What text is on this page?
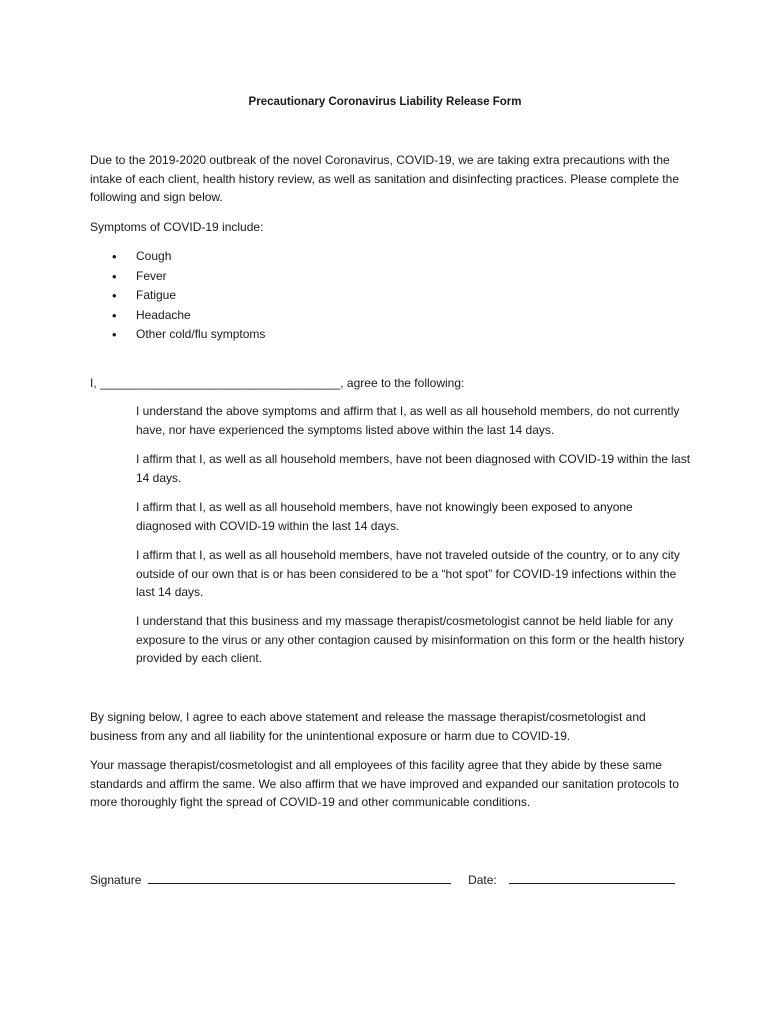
Precautionary Coronavirus Liability Release Form

Due to the 2019-2020 outbreak of the novel Coronavirus, COVID-19, we are taking extra precautions with the intake of each client, health history review, as well as sanitation and disinfecting practices. Please complete the following and sign below.

Symptoms of COVID-19 include:

• Cough
• Fever
• Fatigue
• Headache
• Other cold/flu symptoms

I, ____________________________________, agree to the following:

I understand the above symptoms and affirm that I, as well as all household members, do not currently have, nor have experienced the symptoms listed above within the last 14 days.

I affirm that I, as well as all household members, have not been diagnosed with COVID-19 within the last 14 days.

I affirm that I, as well as all household members, have not knowingly been exposed to anyone diagnosed with COVID-19 within the last 14 days.

I affirm that I, as well as all household members, have not traveled outside of the country, or to any city outside of our own that is or has been considered to be a “hot spot” for COVID-19 infections within the last 14 days.

I understand that this business and my massage therapist/cosmetologist cannot be held liable for any exposure to the virus or any other contagion caused by misinformation on this form or the health history provided by each client.

By signing below, I agree to each above statement and release the massage therapist/cosmetologist and business from any and all liability for the unintentional exposure or harm due to COVID-19.

Your massage therapist/cosmetologist and all employees of this facility agree that they abide by these same standards and affirm the same. We also affirm that we have improved and expanded our sanitation protocols to more thoroughly fight the spread of COVID-19 and other communicable conditions.

Signature	Date:
